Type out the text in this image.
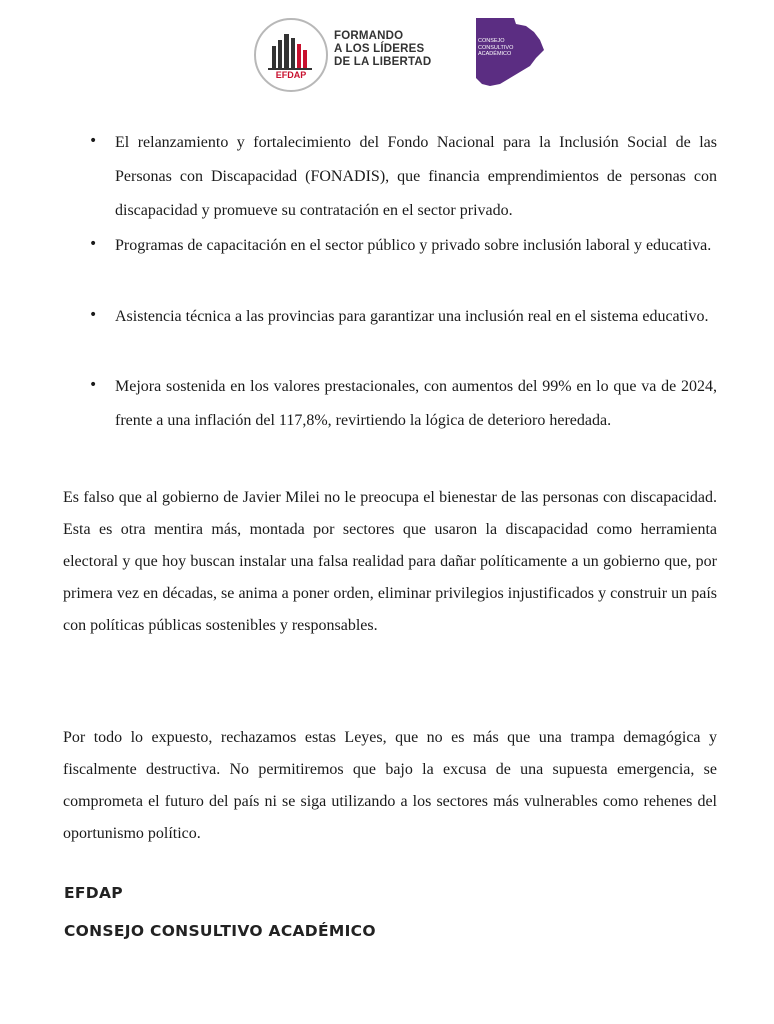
EFDAP
FORMANDO
A LOS LÍDERES
DE LA LIBERTAD
CONSEJO
CONSULTIVO
ACADÉMICO
• El relanzamiento y fortalecimiento del Fondo Nacional para la Inclusión Social de las Personas con Discapacidad (FONADIS), que financia emprendimientos de personas con discapacidad y promueve su contratación en el sector privado.
• Programas de capacitación en el sector público y privado sobre inclusión laboral y educativa.
• Asistencia técnica a las provincias para garantizar una inclusión real en el sistema educativo.
• Mejora sostenida en los valores prestacionales, con aumentos del 99% en lo que va de 2024, frente a una inflación del 117,8%, revirtiendo la lógica de deterioro heredada.

Es falso que al gobierno de Javier Milei no le preocupa el bienestar de las personas con discapacidad. Esta es otra mentira más, montada por sectores que usaron la discapacidad como herramienta electoral y que hoy buscan instalar una falsa realidad para dañar políticamente a un gobierno que, por primera vez en décadas, se anima a poner orden, eliminar privilegios injustificados y construir un país con políticas públicas sostenibles y responsables.

Por todo lo expuesto, rechazamos estas Leyes, que no es más que una trampa demagógica y fiscalmente destructiva. No permitiremos que bajo la excusa de una supuesta emergencia, se comprometa el futuro del país ni se siga utilizando a los sectores más vulnerables como rehenes del oportunismo político.

EFDAP

CONSEJO CONSULTIVO ACADÉMICO
